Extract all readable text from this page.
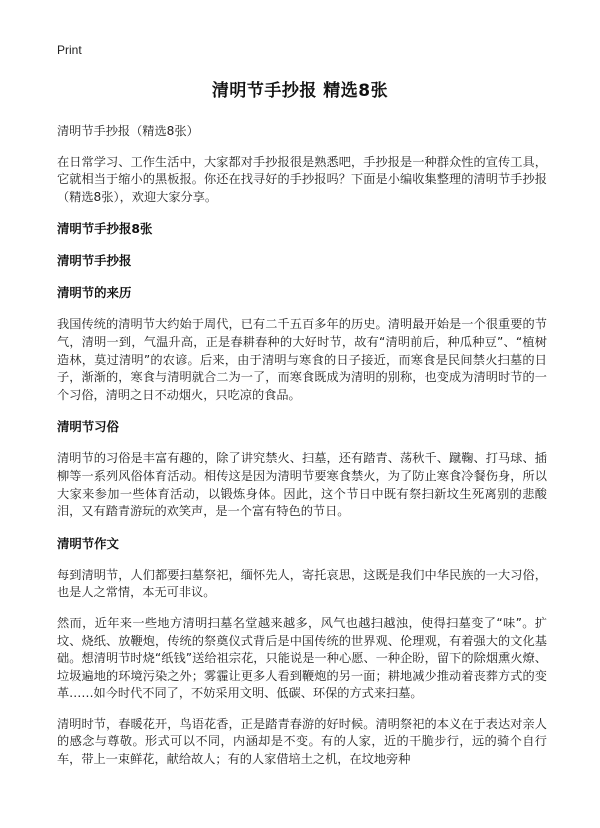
Print
清明节手抄报 精选8张

清明节手抄报（精选8张）

在日常学习、工作生活中，大家都对手抄报很是熟悉吧，手抄报是一种群众性的宣传工具，它就相当于缩小的黑板报。你还在找寻好的手抄报吗？下面是小编收集整理的清明节手抄报（精选8张），欢迎大家分享。

清明节手抄报8张

清明节手抄报

清明节的来历

我国传统的清明节大约始于周代，已有二千五百多年的历史。清明最开始是一个很重要的节气，清明一到，气温升高，正是春耕春种的大好时节，故有“清明前后，种瓜种豆”、“植树造林，莫过清明”的农谚。后来，由于清明与寒食的日子接近，而寒食是民间禁火扫墓的日子，渐渐的，寒食与清明就合二为一了，而寒食既成为清明的别称，也变成为清明时节的一个习俗，清明之日不动烟火，只吃凉的食品。

清明节习俗

清明节的习俗是丰富有趣的，除了讲究禁火、扫墓，还有踏青、荡秋千、蹴鞠、打马球、插柳等一系列风俗体育活动。相传这是因为清明节要寒食禁火，为了防止寒食冷餐伤身，所以大家来参加一些体育活动，以锻炼身体。因此，这个节日中既有祭扫新坟生死离别的悲酸泪，又有踏青游玩的欢笑声，是一个富有特色的节日。

清明节作文

每到清明节，人们都要扫墓祭祀，缅怀先人，寄托哀思，这既是我们中华民族的一大习俗，也是人之常情，本无可非议。

然而，近年来一些地方清明扫墓名堂越来越多，风气也越扫越浊，使得扫墓变了“味”。扩坟、烧纸、放鞭炮，传统的祭奠仪式背后是中国传统的世界观、伦理观，有着强大的文化基础。想清明节时烧“纸钱”送给祖宗花，只能说是一种心愿、一种企盼，留下的除烟熏火燎、垃圾遍地的环境污染之外；雾霾让更多人看到鞭炮的另一面；耕地减少推动着丧葬方式的变革……如今时代不同了，不妨采用文明、低碳、环保的方式来扫墓。

清明时节，春暖花开，鸟语花香，正是踏青春游的好时候。清明祭祀的本义在于表达对亲人的感念与尊敬。形式可以不同，内涵却是不变。有的人家，近的干脆步行，远的骑个自行车，带上一束鲜花，献给故人；有的人家借培土之机，在坟地旁种
